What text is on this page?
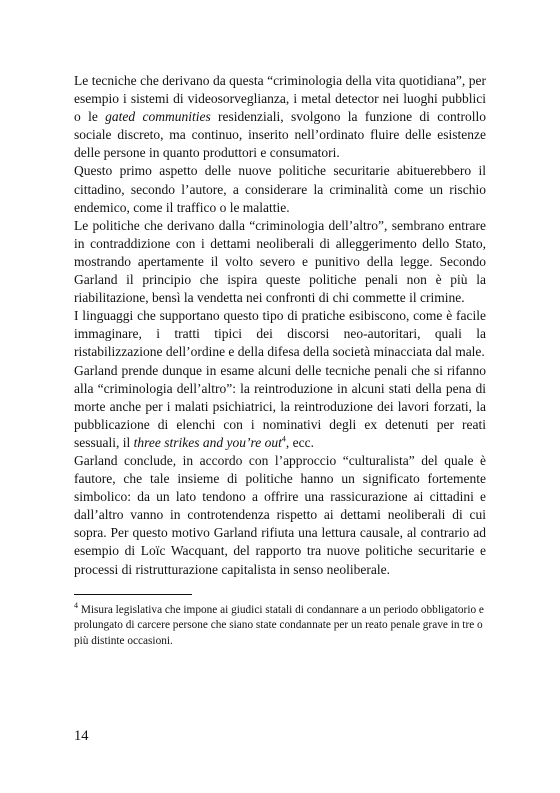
Le tecniche che derivano da questa “criminologia della vita quotidiana”, per esempio i sistemi di videosorveglianza, i metal detector nei luoghi pubblici o le gated communities residenziali, svolgono la funzione di controllo sociale discreto, ma continuo, inserito nell’ordinato fluire delle esistenze delle persone in quanto produttori e consumatori.

Questo primo aspetto delle nuove politiche securitarie abituerebbero il cittadino, secondo l’autore, a considerare la criminalità come un rischio endemico, come il traffico o le malattie.

Le politiche che derivano dalla “criminologia dell’altro”, sembrano entrare in contraddizione con i dettami neoliberali di alleggerimento dello Stato, mostrando apertamente il volto severo e punitivo della legge. Secondo Garland il principio che ispira queste politiche penali non è più la riabilitazione, bensì la vendetta nei confronti di chi commette il crimine.

I linguaggi che supportano questo tipo di pratiche esibiscono, come è facile immaginare, i tratti tipici dei discorsi neo-autoritari, quali la ristabilizzazione dell’ordine e della difesa della società minacciata dal male.

Garland prende dunque in esame alcuni delle tecniche penali che si rifanno alla “criminologia dell’altro”: la reintroduzione in alcuni stati della pena di morte anche per i malati psichiatrici, la reintroduzione dei lavori forzati, la pubblicazione di elenchi con i nominativi degli ex detenuti per reati sessuali, il three strikes and you’re out$^4$, ecc.

Garland conclude, in accordo con l’approccio “culturalista” del quale è fautore, che tale insieme di politiche hanno un significato fortemente simbolico: da un lato tendono a offrire una rassicurazione ai cittadini e dall’altro vanno in controtendenza rispetto ai dettami neoliberali di cui sopra. Per questo motivo Garland rifiuta una lettura causale, al contrario ad esempio di Loïc Wacquant, del rapporto tra nuove politiche securitarie e processi di ristrutturazione capitalista in senso neoliberale.

$^4$ Misura legislativa che impone ai giudici statali di condannare a un periodo obbligatorio e prolungato di carcere persone che siano state condannate per un reato penale grave in tre o più distinte occasioni.

14
